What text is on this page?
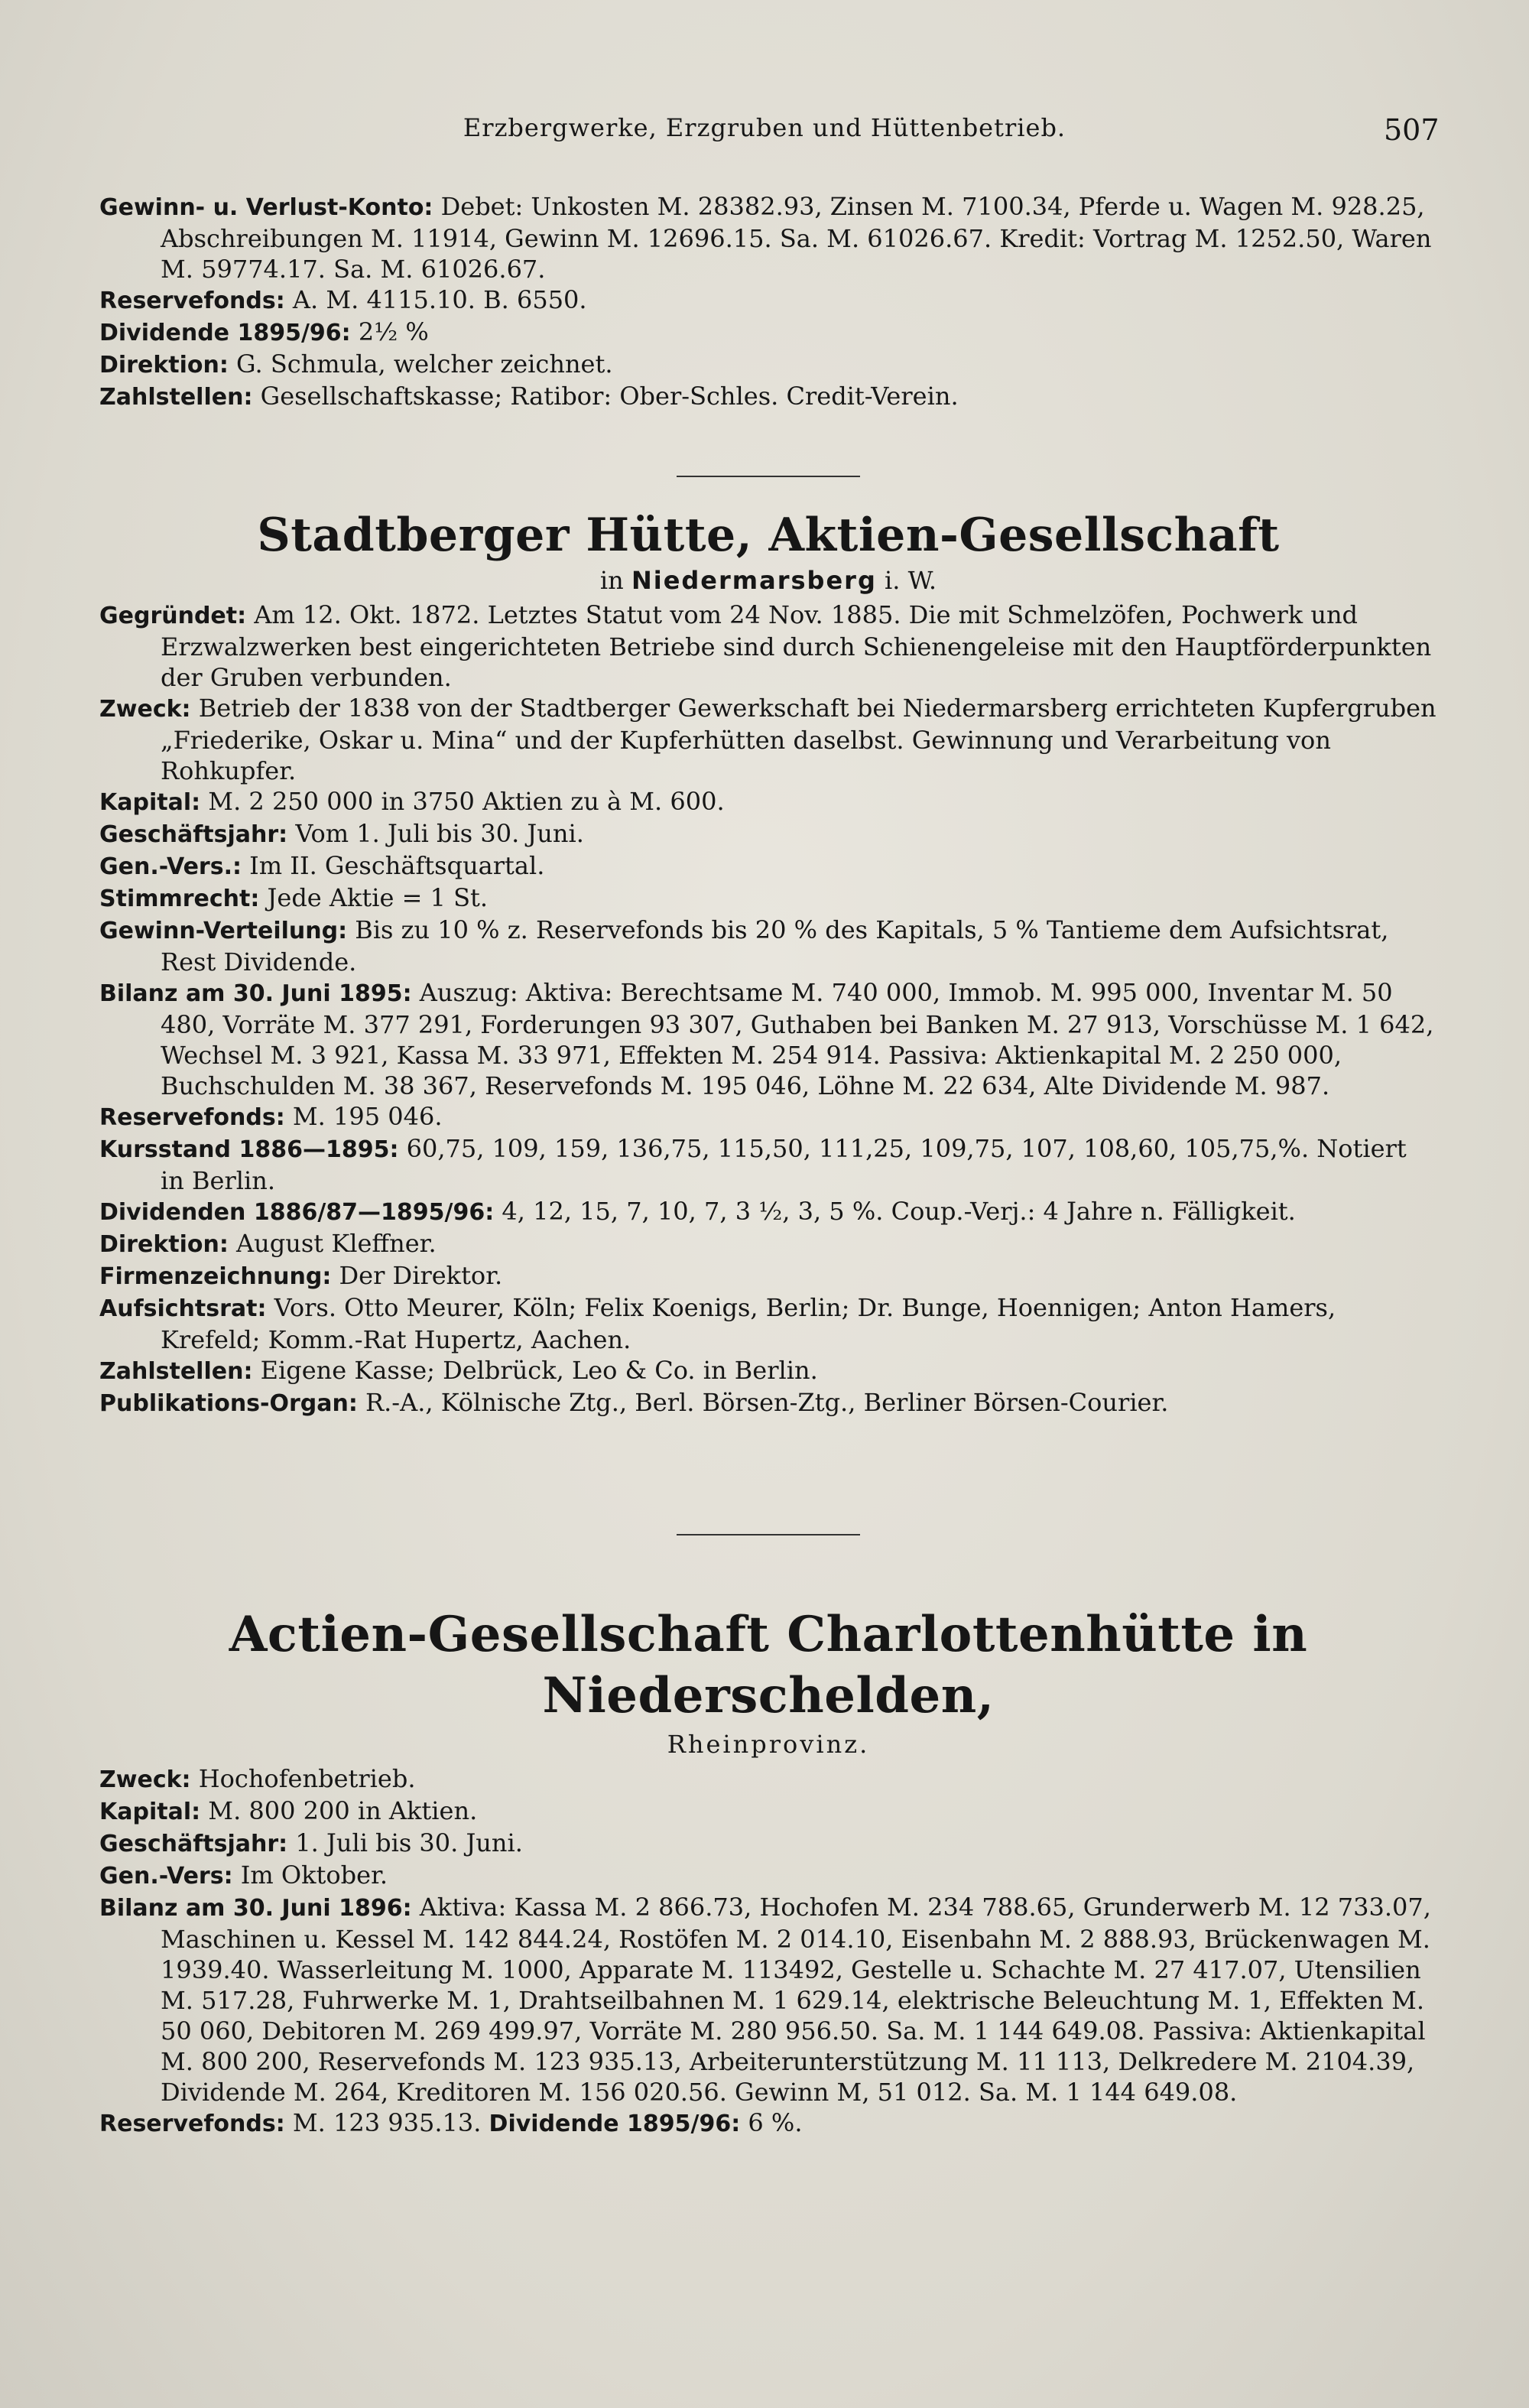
Erzbergwerke, Erzgruben und Hüttenbetrieb.	507

Gewinn- u. Verlust-Konto: Debet: Unkosten M. 28382.93, Zinsen M. 7100.34, Pferde u. Wagen M. 928.25, Abschreibungen M. 11914, Gewinn M. 12696.15. Sa. M. 61026.67. Kredit: Vortrag M. 1252.50, Waren M. 59774.17. Sa. M. 61026.67.

Reservefonds: A. M. 4115.10. B. 6550.

Dividende 1895/96: 2½ %

Direktion: G. Schmula, welcher zeichnet.

Zahlstellen: Gesellschaftskasse; Ratibor: Ober-Schles. Credit-Verein.

Stadtberger Hütte, Aktien-Gesellschaft
in Niedermarsberg i. W.

Gegründet: Am 12. Okt. 1872. Letztes Statut vom 24 Nov. 1885. Die mit Schmelzöfen, Pochwerk und Erzwalzwerken best eingerichteten Betriebe sind durch Schienengeleise mit den Hauptförderpunkten der Gruben verbunden.

Zweck: Betrieb der 1838 von der Stadtberger Gewerkschaft bei Niedermarsberg errichteten Kupfergruben „Friederike, Oskar u. Mina“ und der Kupferhütten daselbst. Gewinnung und Verarbeitung von Rohkupfer.

Kapital: M. 2 250 000 in 3750 Aktien zu à M. 600.

Geschäftsjahr: Vom 1. Juli bis 30. Juni.

Gen.-Vers.: Im II. Geschäftsquartal.

Stimmrecht: Jede Aktie = 1 St.

Gewinn-Verteilung: Bis zu 10 % z. Reservefonds bis 20 % des Kapitals, 5 % Tantieme dem Aufsichtsrat, Rest Dividende.

Bilanz am 30. Juni 1895: Auszug: Aktiva: Berechtsame M. 740 000, Immob. M. 995 000, Inventar M. 50 480, Vorräte M. 377 291, Forderungen 93 307, Guthaben bei Banken M. 27 913, Vorschüsse M. 1 642, Wechsel M. 3 921, Kassa M. 33 971, Effekten M. 254 914. Passiva: Aktienkapital M. 2 250 000, Buchschulden M. 38 367, Reservefonds M. 195 046, Löhne M. 22 634, Alte Dividende M. 987.

Reservefonds: M. 195 046.

Kursstand 1886—1895: 60,75, 109, 159, 136,75, 115,50, 111,25, 109,75, 107, 108,60, 105,75,%. Notiert in Berlin.

Dividenden 1886/87—1895/96: 4, 12, 15, 7, 10, 7, 3 ½, 3, 5 %. Coup.-Verj.: 4 Jahre n. Fälligkeit.

Direktion: August Kleffner.

Firmenzeichnung: Der Direktor.

Aufsichtsrat: Vors. Otto Meurer, Köln; Felix Koenigs, Berlin; Dr. Bunge, Hoennigen; Anton Hamers, Krefeld; Komm.-Rat Hupertz, Aachen.

Zahlstellen: Eigene Kasse; Delbrück, Leo & Co. in Berlin.

Publikations-Organ: R.-A., Kölnische Ztg., Berl. Börsen-Ztg., Berliner Börsen-Courier.

Actien-Gesellschaft Charlottenhütte in Niederschelden,
Rheinprovinz.

Zweck: Hochofenbetrieb.

Kapital: M. 800 200 in Aktien.

Geschäftsjahr: 1. Juli bis 30. Juni.

Gen.-Vers: Im Oktober.

Bilanz am 30. Juni 1896: Aktiva: Kassa M. 2 866.73, Hochofen M. 234 788.65, Grunderwerb M. 12 733.07, Maschinen u. Kessel M. 142 844.24, Rostöfen M. 2 014.10, Eisenbahn M. 2 888.93, Brückenwagen M. 1939.40. Wasserleitung M. 1000, Apparate M. 113492, Gestelle u. Schachte M. 27 417.07, Utensilien M. 517.28, Fuhrwerke M. 1, Drahtseilbahnen M. 1 629.14, elektrische Beleuchtung M. 1, Effekten M. 50 060, Debitoren M. 269 499.97, Vorräte M. 280 956.50. Sa. M. 1 144 649.08. Passiva: Aktienkapital M. 800 200, Reservefonds M. 123 935.13, Arbeiterunterstützung M. 11 113, Delkredere M. 2104.39, Dividende M. 264, Kreditoren M. 156 020.56. Gewinn M, 51 012. Sa. M. 1 144 649.08.

Reservefonds: M. 123 935.13. Dividende 1895/96: 6 %.
